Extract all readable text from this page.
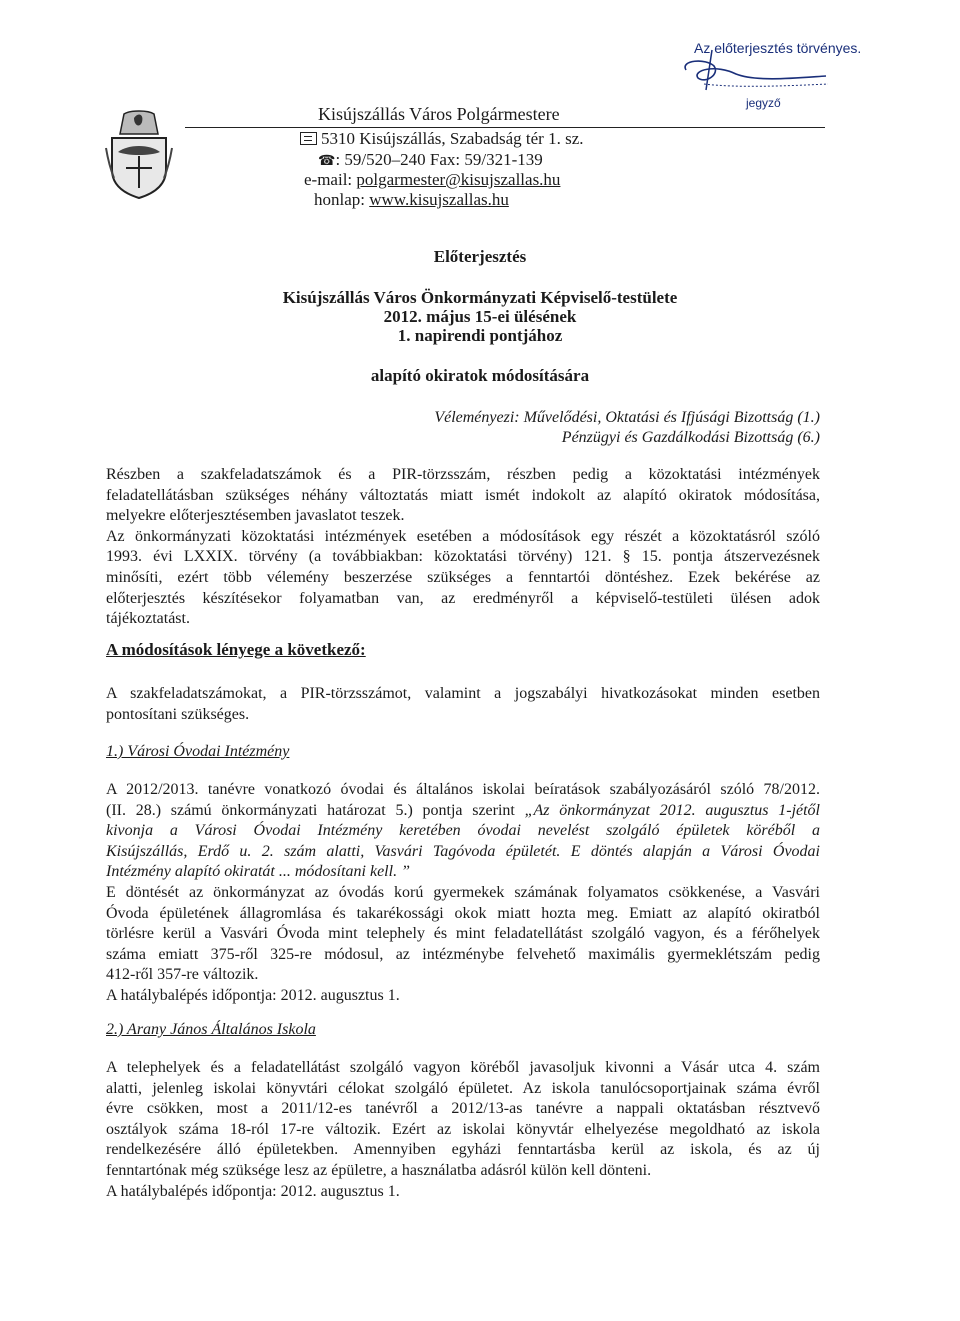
Az előterjesztés törvényes.
jegyző
Kisújszállás Város Polgármestere
5310 Kisújszállás, Szabadság tér 1. sz.
☎: 59/520–240 Fax: 59/321-139
e-mail: polgarmester@kisujszallas.hu
honlap: www.kisujszallas.hu
Előterjesztés
Kisújszállás Város Önkormányzati Képviselő-testülete
2012. május 15-ei ülésének
1. napirendi pontjához
alapító okiratok módosítására
Véleményezi: Művelődési, Oktatási és Ifjúsági Bizottság (1.)
Pénzügyi és Gazdálkodási Bizottság (6.)
Részben a szakfeladatszámok és a PIR-törzsszám, részben pedig a közoktatási intézmények
feladatellátásban szükséges néhány változtatás miatt ismét indokolt az alapító okiratok módosítása,
melyekre előterjesztésemben javaslatot teszek.
Az önkormányzati közoktatási intézmények esetében a módosítások egy részét a közoktatásról szóló
1993. évi LXXIX. törvény (a továbbiakban: közoktatási törvény) 121. § 15. pontja átszervezésnek
minősíti, ezért több vélemény beszerzése szükséges a fenntartói döntéshez. Ezek bekérése az
előterjesztés készítésekor folyamatban van, az eredményről a képviselő-testületi ülésen adok
tájékoztatást.
A módosítások lényege a következő:
A szakfeladatszámokat, a PIR-törzsszámot, valamint a jogszabályi hivatkozásokat minden esetben
pontosítani szükséges.
1.) Városi Óvodai Intézmény
A 2012/2013. tanévre vonatkozó óvodai és általános iskolai beíratások szabályozásáról szóló 78/2012.
(II. 28.) számú önkormányzati határozat 5.) pontja szerint „Az önkormányzat 2012. augusztus 1-jétől
kivonja a Városi Óvodai Intézmény keretében óvodai nevelést szolgáló épületek köréből a
Kisújszállás, Erdő u. 2. szám alatti, Vasvári Tagóvoda épületét. E döntés alapján a Városi Óvodai
Intézmény alapító okiratát ... módosítani kell. ”
E döntését az önkormányzat az óvodás korú gyermekek számának folyamatos csökkenése, a Vasvári
Óvoda épületének állagromlása és takarékossági okok miatt hozta meg. Emiatt az alapító okiratból
törlésre kerül a Vasvári Óvoda mint telephely és mint feladatellátást szolgáló vagyon, és a férőhelyek
száma emiatt 375-ről 325-re módosul, az intézménybe felvehető maximális gyermeklétszám pedig
412-ről 357-re változik.
A hatálybalépés időpontja: 2012. augusztus 1.
2.) Arany János Általános Iskola
A telephelyek és a feladatellátást szolgáló vagyon köréből javasoljuk kivonni a Vásár utca 4. szám
alatti, jelenleg iskolai könyvtári célokat szolgáló épületet. Az iskola tanulócsoportjainak száma évről
évre csökken, most a 2011/12-es tanévről a 2012/13-as tanévre a nappali oktatásban résztvevő
osztályok száma 18-ról 17-re változik. Ezért az iskolai könyvtár elhelyezése megoldható az iskola
rendelkezésére álló épületekben. Amennyiben egyházi fenntartásba kerül az iskola, és az új
fenntartónak még szüksége lesz az épületre, a használatba adásról külön kell dönteni.
A hatálybalépés időpontja: 2012. augusztus 1.
